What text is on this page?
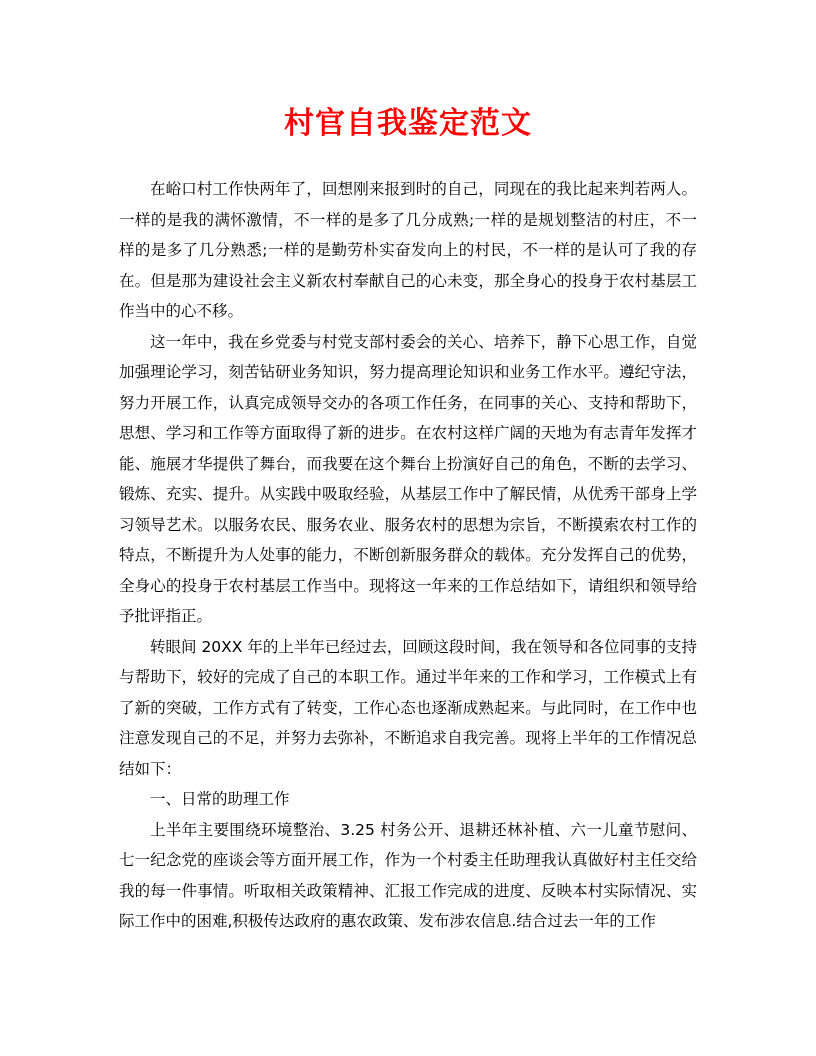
村官自我鉴定范文

在峪口村工作快两年了，回想刚来报到时的自己，同现在的我比起来判若两人。一样的是我的满怀激情，不一样的是多了几分成熟;一样的是规划整洁的村庄，不一样的是多了几分熟悉;一样的是勤劳朴实奋发向上的村民，不一样的是认可了我的存在。但是那为建设社会主义新农村奉献自己的心未变，那全身心的投身于农村基层工作当中的心不移。

这一年中，我在乡党委与村党支部村委会的关心、培养下，静下心思工作，自觉加强理论学习，刻苦钻研业务知识，努力提高理论知识和业务工作水平。遵纪守法，努力开展工作，认真完成领导交办的各项工作任务，在同事的关心、支持和帮助下，思想、学习和工作等方面取得了新的进步。在农村这样广阔的天地为有志青年发挥才能、施展才华提供了舞台，而我要在这个舞台上扮演好自己的角色，不断的去学习、锻炼、充实、提升。从实践中吸取经验，从基层工作中了解民情，从优秀干部身上学习领导艺术。以服务农民、服务农业、服务农村的思想为宗旨，不断摸索农村工作的特点，不断提升为人处事的能力，不断创新服务群众的载体。充分发挥自己的优势，全身心的投身于农村基层工作当中。现将这一年来的工作总结如下，请组织和领导给予批评指正。

转眼间 20XX 年的上半年已经过去，回顾这段时间，我在领导和各位同事的支持与帮助下，较好的完成了自己的本职工作。通过半年来的工作和学习，工作模式上有了新的突破，工作方式有了转变，工作心态也逐渐成熟起来。与此同时，在工作中也注意发现自己的不足，并努力去弥补，不断追求自我完善。现将上半年的工作情况总结如下：

一、日常的助理工作

上半年主要围绕环境整治、3.25 村务公开、退耕还林补植、六一儿童节慰问、七一纪念党的座谈会等方面开展工作，作为一个村委主任助理我认真做好村主任交给我的每一件事情。听取相关政策精神、汇报工作完成的进度、反映本村实际情况、实际工作中的困难,积极传达政府的惠农政策、发布涉农信息.结合过去一年的工作
